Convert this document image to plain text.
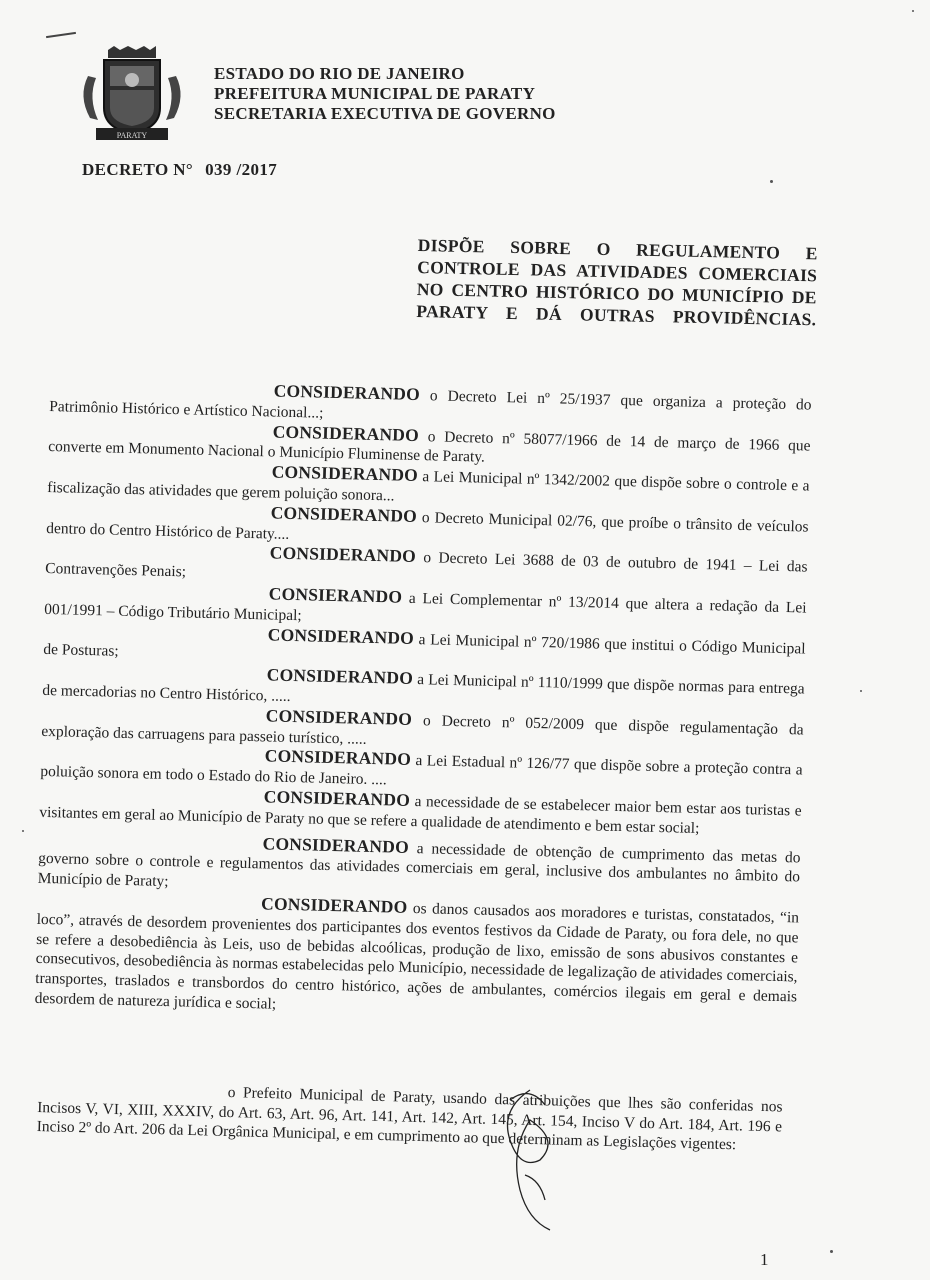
PARATY
ESTADO DO RIO DE JANEIRO
PREFEITURA MUNICIPAL DE PARATY
SECRETARIA EXECUTIVA DE GOVERNO
DECRETO N° 039 /2017
DISPÕE SOBRE O REGULAMENTO E CONTROLE DAS ATIVIDADES COMERCIAIS NO CENTRO HISTÓRICO DO MUNICÍPIO DE PARATY E DÁ OUTRAS PROVIDÊNCIAS.
CONSIDERANDO o Decreto Lei nº 25/1937 que organiza a proteção do Patrimônio Histórico e Artístico Nacional...;
CONSIDERANDO o Decreto nº 58077/1966 de 14 de março de 1966 que converte em Monumento Nacional o Município Fluminense de Paraty.
CONSIDERANDO a Lei Municipal nº 1342/2002 que dispõe sobre o controle e a fiscalização das atividades que gerem poluição sonora...
CONSIDERANDO o Decreto Municipal 02/76, que proíbe o trânsito de veículos dentro do Centro Histórico de Paraty....
CONSIDERANDO o Decreto Lei 3688 de 03 de outubro de 1941 – Lei das Contravenções Penais;
CONSIERANDO a Lei Complementar nº 13/2014 que altera a redação da Lei 001/1991 – Código Tributário Municipal;
CONSIDERANDO a Lei Municipal nº 720/1986 que institui o Código Municipal de Posturas;
CONSIDERANDO a Lei Municipal nº 1110/1999 que dispõe normas para entrega de mercadorias no Centro Histórico, .....
CONSIDERANDO o Decreto nº 052/2009 que dispõe regulamentação da exploração das carruagens para passeio turístico, .....
CONSIDERANDO a Lei Estadual nº 126/77 que dispõe sobre a proteção contra a poluição sonora em todo o Estado do Rio de Janeiro. ....
CONSIDERANDO a necessidade de se estabelecer maior bem estar aos turistas e visitantes em geral ao Município de Paraty no que se refere a qualidade de atendimento e bem estar social;
CONSIDERANDO a necessidade de obtenção de cumprimento das metas do governo sobre o controle e regulamentos das atividades comerciais em geral, inclusive dos ambulantes no âmbito do Município de Paraty;
CONSIDERANDO os danos causados aos moradores e turistas, constatados, “in loco”, através de desordem provenientes dos participantes dos eventos festivos da Cidade de Paraty, ou fora dele, no que se refere a desobediência às Leis, uso de bebidas alcoólicas, produção de lixo, emissão de sons abusivos constantes e consecutivos, desobediência às normas estabelecidas pelo Município, necessidade de legalização de atividades comerciais, transportes, traslados e transbordos do centro histórico, ações de ambulantes, comércios ilegais em geral e demais desordem de natureza jurídica e social;
o Prefeito Municipal de Paraty, usando das atribuições que lhes são conferidas nos Incisos V, VI, XIII, XXXIV, do Art. 63, Art. 96, Art. 141, Art. 142, Art. 145, Art. 154, Inciso V do Art. 184, Art. 196 e Inciso 2º do Art. 206 da Lei Orgânica Municipal, e em cumprimento ao que determinam as Legislações vigentes:
1
